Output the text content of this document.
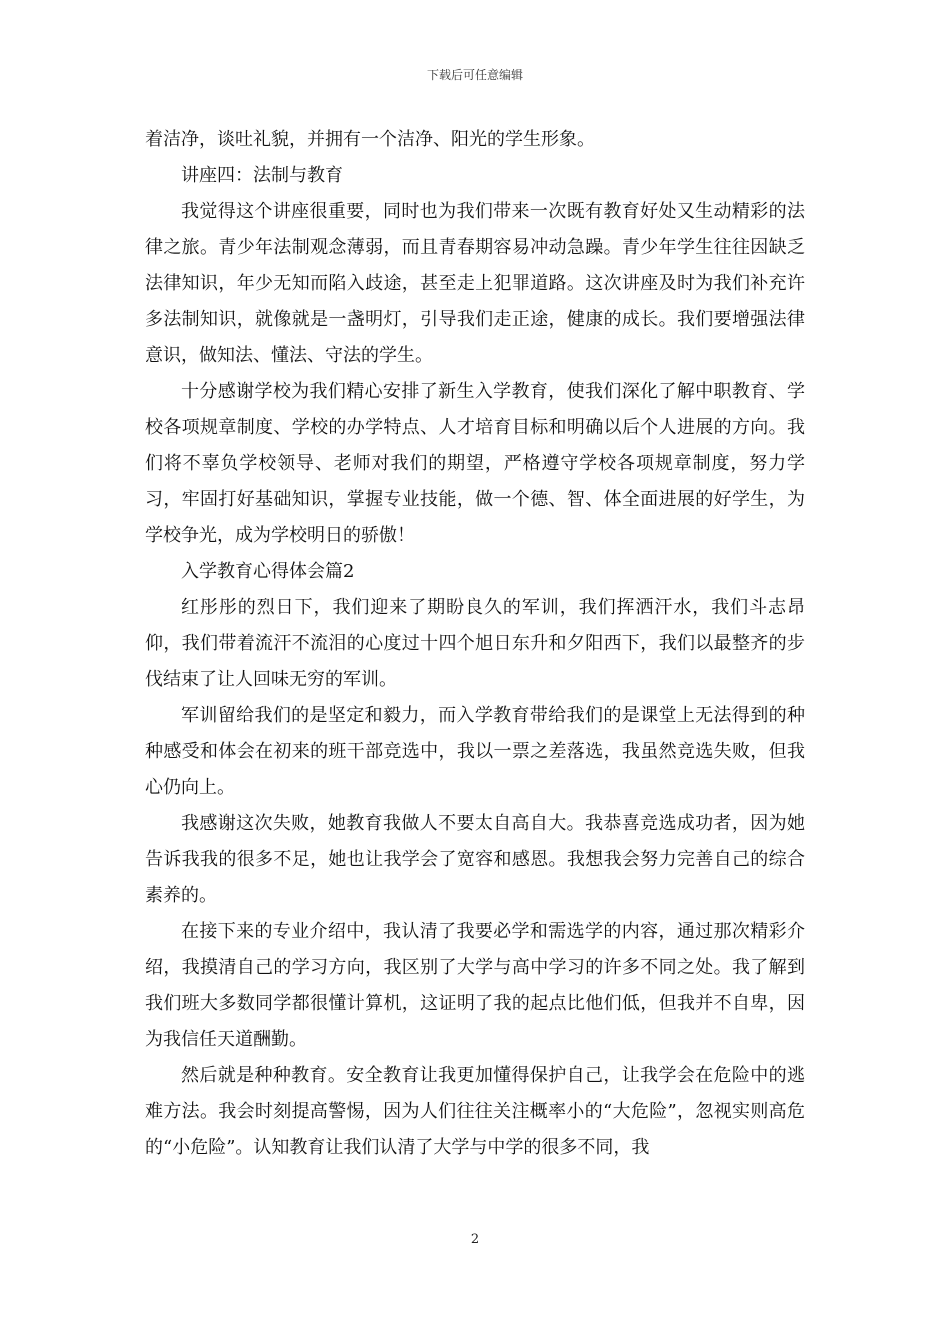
下载后可任意编辑

着洁净，谈吐礼貌，并拥有一个洁净、阳光的学生形象。

讲座四：法制与教育

我觉得这个讲座很重要，同时也为我们带来一次既有教育好处又生动精彩的法律之旅。青少年法制观念薄弱，而且青春期容易冲动急躁。青少年学生往往因缺乏法律知识，年少无知而陷入歧途，甚至走上犯罪道路。这次讲座及时为我们补充许多法制知识，就像就是一盏明灯，引导我们走正途，健康的成长。我们要增强法律意识，做知法、懂法、守法的学生。

十分感谢学校为我们精心安排了新生入学教育，使我们深化了解中职教育、学校各项规章制度、学校的办学特点、人才培育目标和明确以后个人进展的方向。我们将不辜负学校领导、老师对我们的期望，严格遵守学校各项规章制度，努力学习，牢固打好基础知识，掌握专业技能，做一个德、智、体全面进展的好学生，为学校争光，成为学校明日的骄傲！

入学教育心得体会篇2

红彤彤的烈日下，我们迎来了期盼良久的军训，我们挥洒汗水，我们斗志昂仰，我们带着流汗不流泪的心度过十四个旭日东升和夕阳西下，我们以最整齐的步伐结束了让人回味无穷的军训。

军训留给我们的是坚定和毅力，而入学教育带给我们的是课堂上无法得到的种种感受和体会在初来的班干部竞选中，我以一票之差落选，我虽然竞选失败，但我心仍向上。

我感谢这次失败，她教育我做人不要太自高自大。我恭喜竞选成功者，因为她告诉我我的很多不足，她也让我学会了宽容和感恩。我想我会努力完善自己的综合素养的。

在接下来的专业介绍中，我认清了我要必学和需选学的内容，通过那次精彩介绍，我摸清自己的学习方向，我区别了大学与高中学习的许多不同之处。我了解到我们班大多数同学都很懂计算机，这证明了我的起点比他们低，但我并不自卑，因为我信任天道酬勤。

然后就是种种教育。安全教育让我更加懂得保护自己，让我学会在危险中的逃难方法。我会时刻提高警惕，因为人们往往关注概率小的“大危险”，忽视实则高危的“小危险”。认知教育让我们认清了大学与中学的很多不同，我

2
